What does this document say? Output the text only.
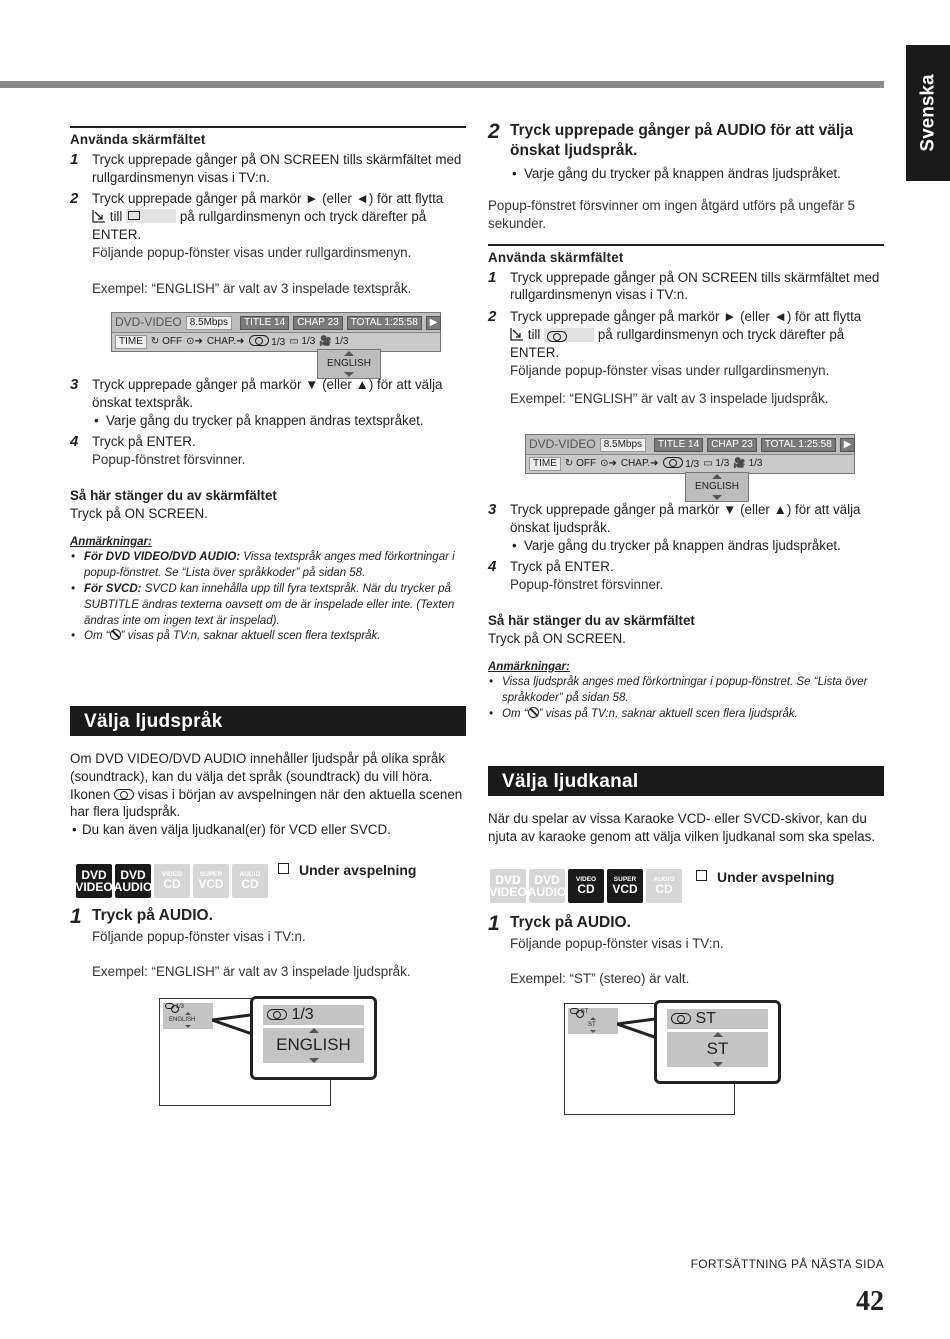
Svenska
Använda skärmfältet
1 Tryck upprepade gånger på ON SCREEN tills skärmfältet med rullgardinsmenyn visas i TV:n.
2 Tryck upprepade gånger på markör ► (eller ◄) för att flytta
till	på rullgardinsmenyn och tryck därefter på ENTER.
Följande popup-fönster visas under rullgardinsmenyn.
Exempel: “ENGLISH” är valt av 3 inspelade textspråk.
DVD-VIDEO 8.5Mbps	TITLE 14	CHAP 23	TOTAL 1:25:58	▶
TIME ↻ OFF ⊙➜ CHAP.➜	1/3 ▭ 1/3 🎥 1/3
ENGLISH
3 Tryck upprepade gånger på markör ▼ (eller ▲) för att välja önskat textspråk.
• Varje gång du trycker på knappen ändras textspråket.
4 Tryck på ENTER.
Popup-fönstret försvinner.
Så här stänger du av skärmfältet
Tryck på ON SCREEN.
Anmärkningar:
• För DVD VIDEO/DVD AUDIO: Vissa textspråk anges med förkortningar i popup-fönstret. Se “Lista över språkkoder” på sidan 58.
• För SVCD: SVCD kan innehålla upp till fyra textspråk. När du trycker på SUBTITLE ändras texterna oavsett om de är inspelade eller inte. (Texten ändras inte om ingen text är inspelad).
• Om “ ” visas på TV:n, saknar aktuell scen flera textspråk.
Välja ljudspråk
Om DVD VIDEO/DVD AUDIO innehåller ljudspår på olika språk (soundtrack), kan du välja det språk (soundtrack) du vill höra.
Ikonen visas i början av avspelningen när den aktuella scenen har flera ljudspråk.
• Du kan även välja ljudkanal(er) för VCD eller SVCD.
DVD
VIDEO
DVD
AUDIO
VIDEO
CD
SUPER
VCD
AUDIO
CD
Under avspelning
1 Tryck på AUDIO.
Följande popup-fönster visas i TV:n.
Exempel: “ENGLISH” är valt av 3 inspelade ljudspråk.
1/3
ENGLISH	1/3
ENGLISH
2 Tryck upprepade gånger på AUDIO för att välja önskat ljudspråk.
• Varje gång du trycker på knappen ändras ljudspråket.
Popup-fönstret försvinner om ingen åtgärd utförs på ungefär 5 sekunder.
Använda skärmfältet
1 Tryck upprepade gånger på ON SCREEN tills skärmfältet med rullgardinsmenyn visas i TV:n.
2 Tryck upprepade gånger på markör ► (eller ◄) för att flytta
till	på rullgardinsmenyn och tryck därefter på ENTER.
Följande popup-fönster visas under rullgardinsmenyn.
Exempel: “ENGLISH” är valt av 3 inspelade ljudspråk.
DVD-VIDEO 8.5Mbps	TITLE 14	CHAP 23	TOTAL 1:25:58	▶
TIME ↻ OFF ⊙➜ CHAP.➜	1/3 ▭ 1/3 🎥 1/3
ENGLISH
3 Tryck upprepade gånger på markör ▼ (eller ▲) för att välja önskat ljudspråk.
• Varje gång du trycker på knappen ändras ljudspråket.
4 Tryck på ENTER.
Popup-fönstret försvinner.
Så här stänger du av skärmfältet
Tryck på ON SCREEN.
Anmärkningar:
• Vissa ljudspråk anges med förkortningar i popup-fönstret. Se “Lista över språkkoder” på sidan 58.
• Om “ ” visas på TV:n, saknar aktuell scen flera ljudspråk.
Välja ljudkanal
När du spelar av vissa Karaoke VCD- eller SVCD-skivor, kan du njuta av karaoke genom att välja vilken ljudkanal som ska spelas.
DVD
VIDEO
DVD
AUDIO
VIDEO
CD
SUPER
VCD
AUDIO
CD
Under avspelning
1 Tryck på AUDIO.
Följande popup-fönster visas i TV:n.
Exempel: “ST” (stereo) är valt.
ST
ST	ST
ST
FORTSÄTTNING PÅ NÄSTA SIDA
42
